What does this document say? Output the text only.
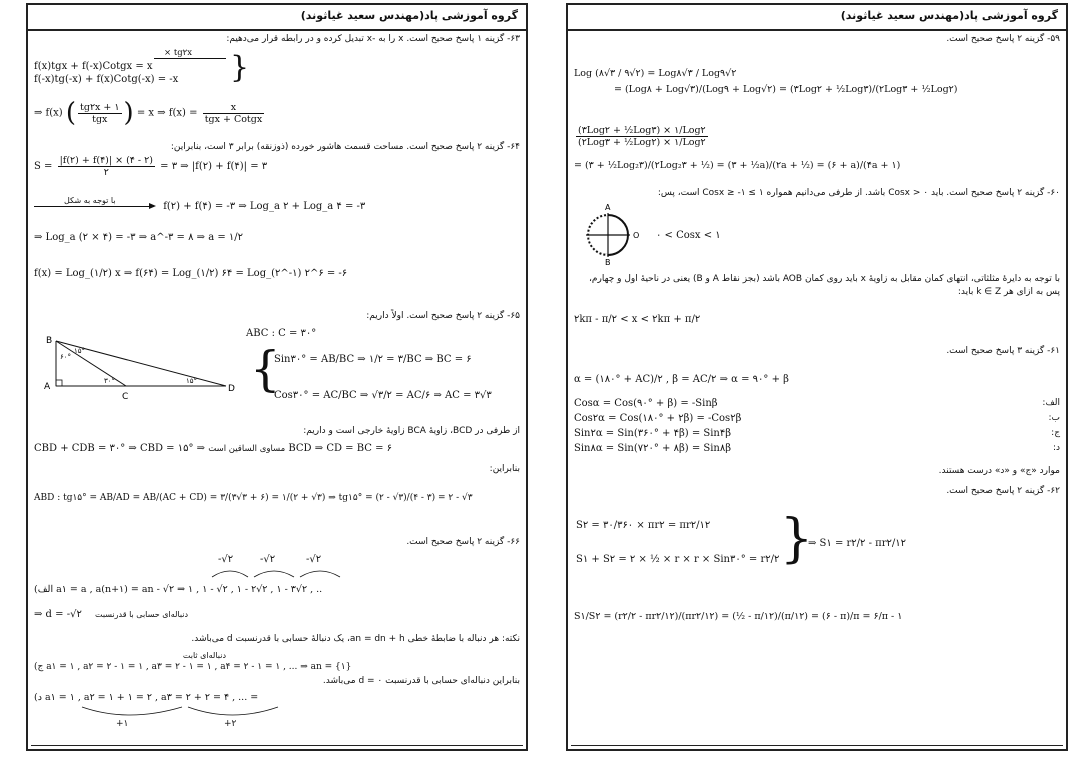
گروه آموزشی پاد(مهندس سعید غیاثوند)
۶۳- گزینه ۱ پاسخ صحیح است. x را به -x تبدیل کرده و در رابطه قرار می‌دهیم:
× tg۲x
f(x)tgx + f(-x)Cotgx = x
f(-x)tg(-x) + f(x)Cotg(-x) = -x }
⇒ f(x) ( $\frac{tg۲x + ۱}{\text{tgx}}$ ) = x ⇒ $f(x) = \frac{x}{\text{tgx + Cotgx}}$
۶۴- گزینه ۲ پاسخ صحیح است. مساحت قسمت هاشور خورده (ذوزنقه) برابر ۳ است، بنابراین:
$S = \frac{|f(۲) + f(۴)| \times (۴ - ۲)}{۲}$ = ۳ ⇒ |f(۲) + f(۴)| = ۳
با توجه به شکل
f(۲) + f(۴) = -۳ ⇒ Log_a ۲ + Log_a ۴ = -۳
⇒ Log_a (۲ × ۴) = -۳ ⇒ a^-۳ = ۸ ⇒ a = ۱/۲
f(x) = Log_(۱/۲) x ⇒ f(۶۴) = Log_(۱/۲) ۶۴ = Log_(۲^-۱) ۲^۶ = -۶
۶۵- گزینه ۲ پاسخ صحیح است. اولاً داریم:
B
A
C
D
۶۰°
۱۵°
۳۰°	۱۵°
ABC : C = ۳۰°
{
Sin۳۰° = AB/BC ⇒ ۱/۲ = ۳/BC ⇒ BC = ۶
Cos۳۰° = AC/BC ⇒ √۳/۲ = AC/۶ ⇒ AC = ۳√۳
از طرفی در BCD، زاویهٔ BCA زاویهٔ خارجی است و داریم:
CBD + CDB = ۳۰° ⇒ CBD = ۱۵° ⇒ مساوی الساقین است BCD ⇒ CD = BC = ۶
بنابراین:
ABD : tg۱۵° = AB/AD = AB/(AC + CD) = ۳/(۳√۳ + ۶) = ۱/(۲ + √۳) ⇒ tg۱۵° = (۲ - √۳)/(۴ - ۳) = ۲ - √۳
۶۶- گزینه ۲ پاسخ صحیح است.
-√۲	-√۲	-√۲
(الف a۱ = a , a(n+۱) = an - √۲ ⇒ ۱ , ۱ - √۲ , ۱ - ۲√۲ , ۱ - ۳√۲ , ..
⇒ d = -√۲ دنباله‌ای حسابی با قدرنسبت
نکته: هر دنباله با ضابطهٔ خطی an = dn + h، یک دنبالهٔ حسابی با قدرنسبت d می‌باشد.
دنباله‌ای ثابت
(ج a۱ = ۱ , a۲ = ۲ - ۱ = ۱ , a۳ = ۲ - ۱ = ۱ , a۴ = ۲ - ۱ = ۱ , ... ⇒ an = {۱}
بنابراین دنباله‌ای حسابی با قدرنسبت ۰ = d می‌باشد.
(د a۱ = ۱ , a۲ = ۱ + ۱ = ۲ , a۳ = ۲ + ۲ = ۴ , ... =
+۱	+۲
گروه آموزشی پاد(مهندس سعید غیاثوند)
۵۹- گزینه ۲ پاسخ صحیح است.
Log (۸√۳ / ۹√۲) = Log۸√۳ / Log۹√۲
= (Log۸ + Log√۳)/(Log۹ + Log√۲) = (۳Log۲ + ½Log۳)/(۲Log۳ + ½Log۲)
$\frac{\text{(۳Log۲ + ½Log۳) × ۱/Log۲}}{\text{(۲Log۳ + ½Log۲) × ۱/Log۲}}$
= (۳ + ½Log₂۳)/(۲Log₂۳ + ½) = (۳ + ½a)/(۲a + ½) = (۶ + a)/(۴a + ۱)
۶۰- گزینه ۲ پاسخ صحیح است. باید ۰ < Cosx باشد. از طرفی می‌دانیم همواره ۱ ≥ Cosx ≥ -۱ است، پس:
A
O
B
۰ < Cosx < ۱
با توجه به دایرهٔ مثلثاتی، انتهای کمان مقابل به زاویهٔ x باید روی کمان AOB باشد (بجز نقاط A و B) یعنی در ناحیهٔ اول و چهارم، پس به ازای هر k ∈ Z باید:
۲kπ - π/۲ < x < ۲kπ + π/۲
۶۱- گزینه ۳ پاسخ صحیح است.
α = (۱۸۰° + AC)/۲ , β = AC/۲ ⇒ α = ۹۰° + β
Cosα = Cos(۹۰° + β) = -Sinβ	الف:
Cos۲α = Cos(۱۸۰° + ۲β) = -Cos۲β	ب:
Sin۲α = Sin(۳۶۰° + ۴β) = Sin۴β	ج:
Sin۸α = Sin(۷۲۰° + ۸β) = Sin۸β	د:
موارد «ج» و «د» درست هستند.
۶۲- گزینه ۲ پاسخ صحیح است.
S۲ = ۳۰/۳۶۰ × πr۲ = πr۲/۱۲
S۱ + S۲ = ۲ × ½ × r × r × Sin۳۰° = r۲/۲ }
⇒ S۱ = r۲/۲ - πr۲/۱۲
S۱/S۲ = (r۲/۲ - πr۲/۱۲)/(πr۲/۱۲) = (½ - π/۱۲)/(π/۱۲) = (۶ - π)/π = ۶/π - ۱
